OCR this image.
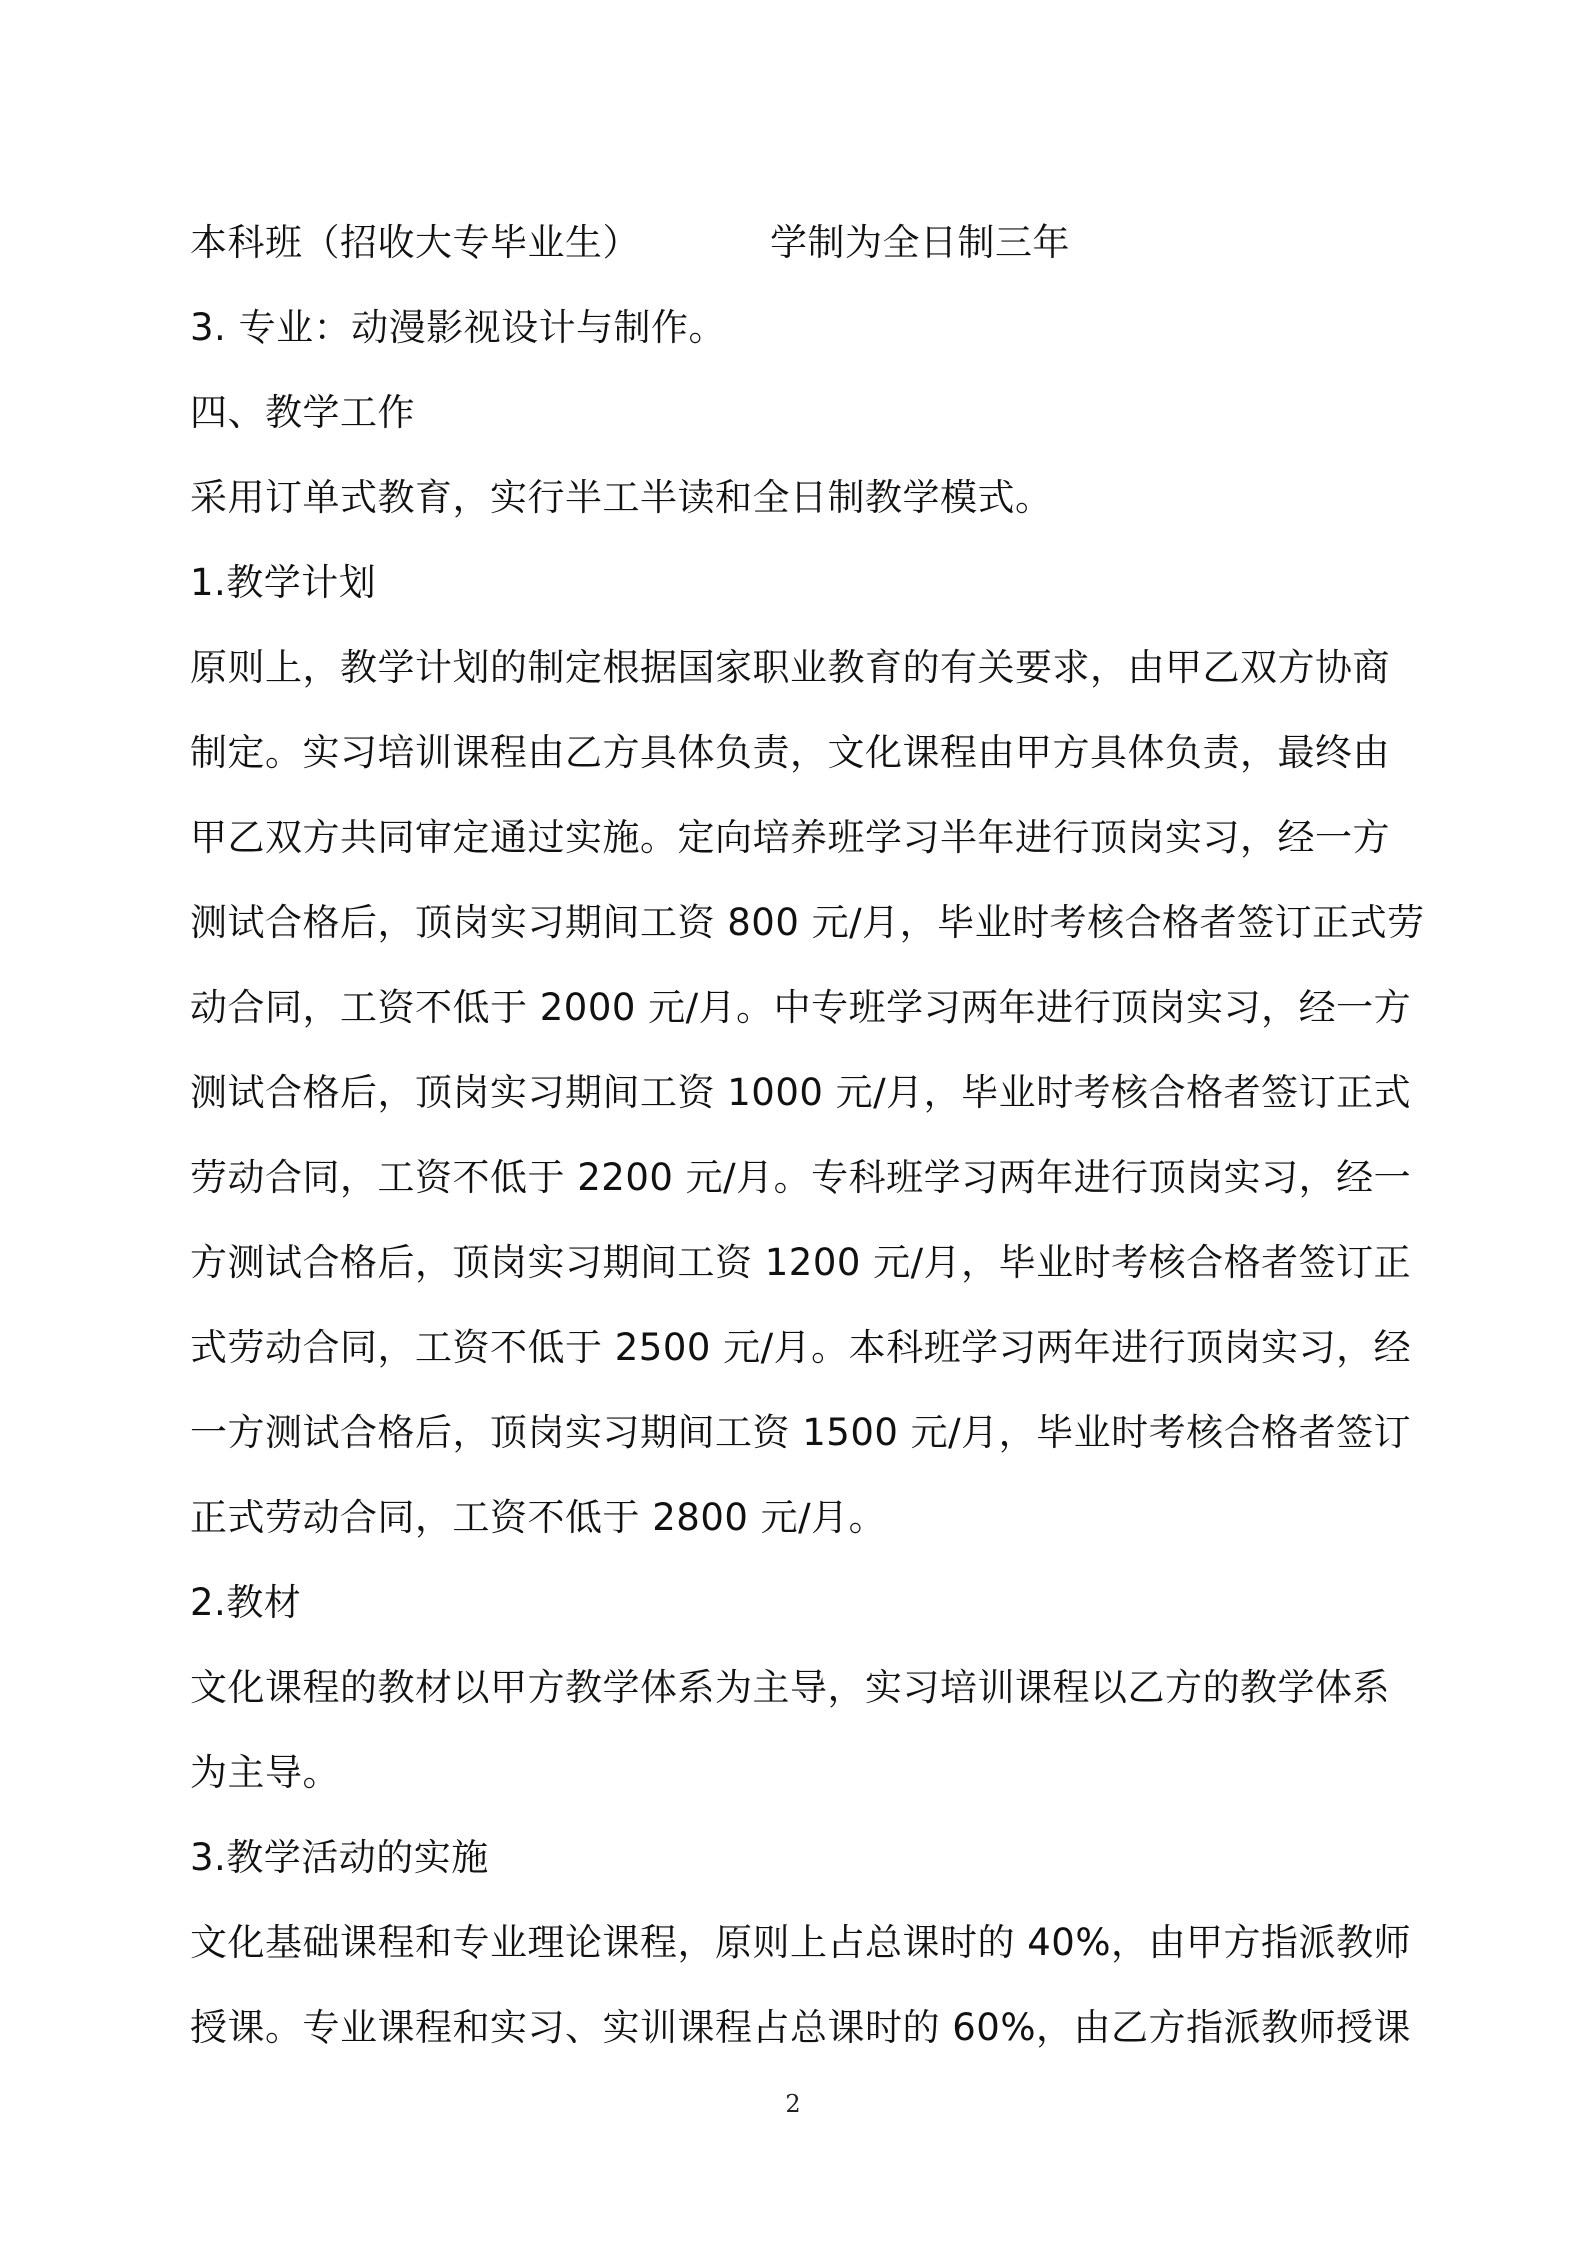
本科班（招收大专毕业生）	学制为全日制三年
3. 专业：动漫影视设计与制作。
四、教学工作
采用订单式教育，实行半工半读和全日制教学模式。
1.教学计划
原则上，教学计划的制定根据国家职业教育的有关要求，由甲乙双方协商
制定。实习培训课程由乙方具体负责，文化课程由甲方具体负责，最终由
甲乙双方共同审定通过实施。定向培养班学习半年进行顶岗实习，经一方
测试合格后，顶岗实习期间工资 800 元/月，毕业时考核合格者签订正式劳
动合同，工资不低于 2000 元/月。中专班学习两年进行顶岗实习，经一方
测试合格后，顶岗实习期间工资 1000 元/月，毕业时考核合格者签订正式
劳动合同，工资不低于 2200 元/月。专科班学习两年进行顶岗实习，经一
方测试合格后，顶岗实习期间工资 1200 元/月，毕业时考核合格者签订正
式劳动合同，工资不低于 2500 元/月。本科班学习两年进行顶岗实习，经
一方测试合格后，顶岗实习期间工资 1500 元/月，毕业时考核合格者签订
正式劳动合同，工资不低于 2800 元/月。
2.教材
文化课程的教材以甲方教学体系为主导，实习培训课程以乙方的教学体系
为主导。
3.教学活动的实施
文化基础课程和专业理论课程，原则上占总课时的 40%，由甲方指派教师
授课。专业课程和实习、实训课程占总课时的 60%，由乙方指派教师授课
2
